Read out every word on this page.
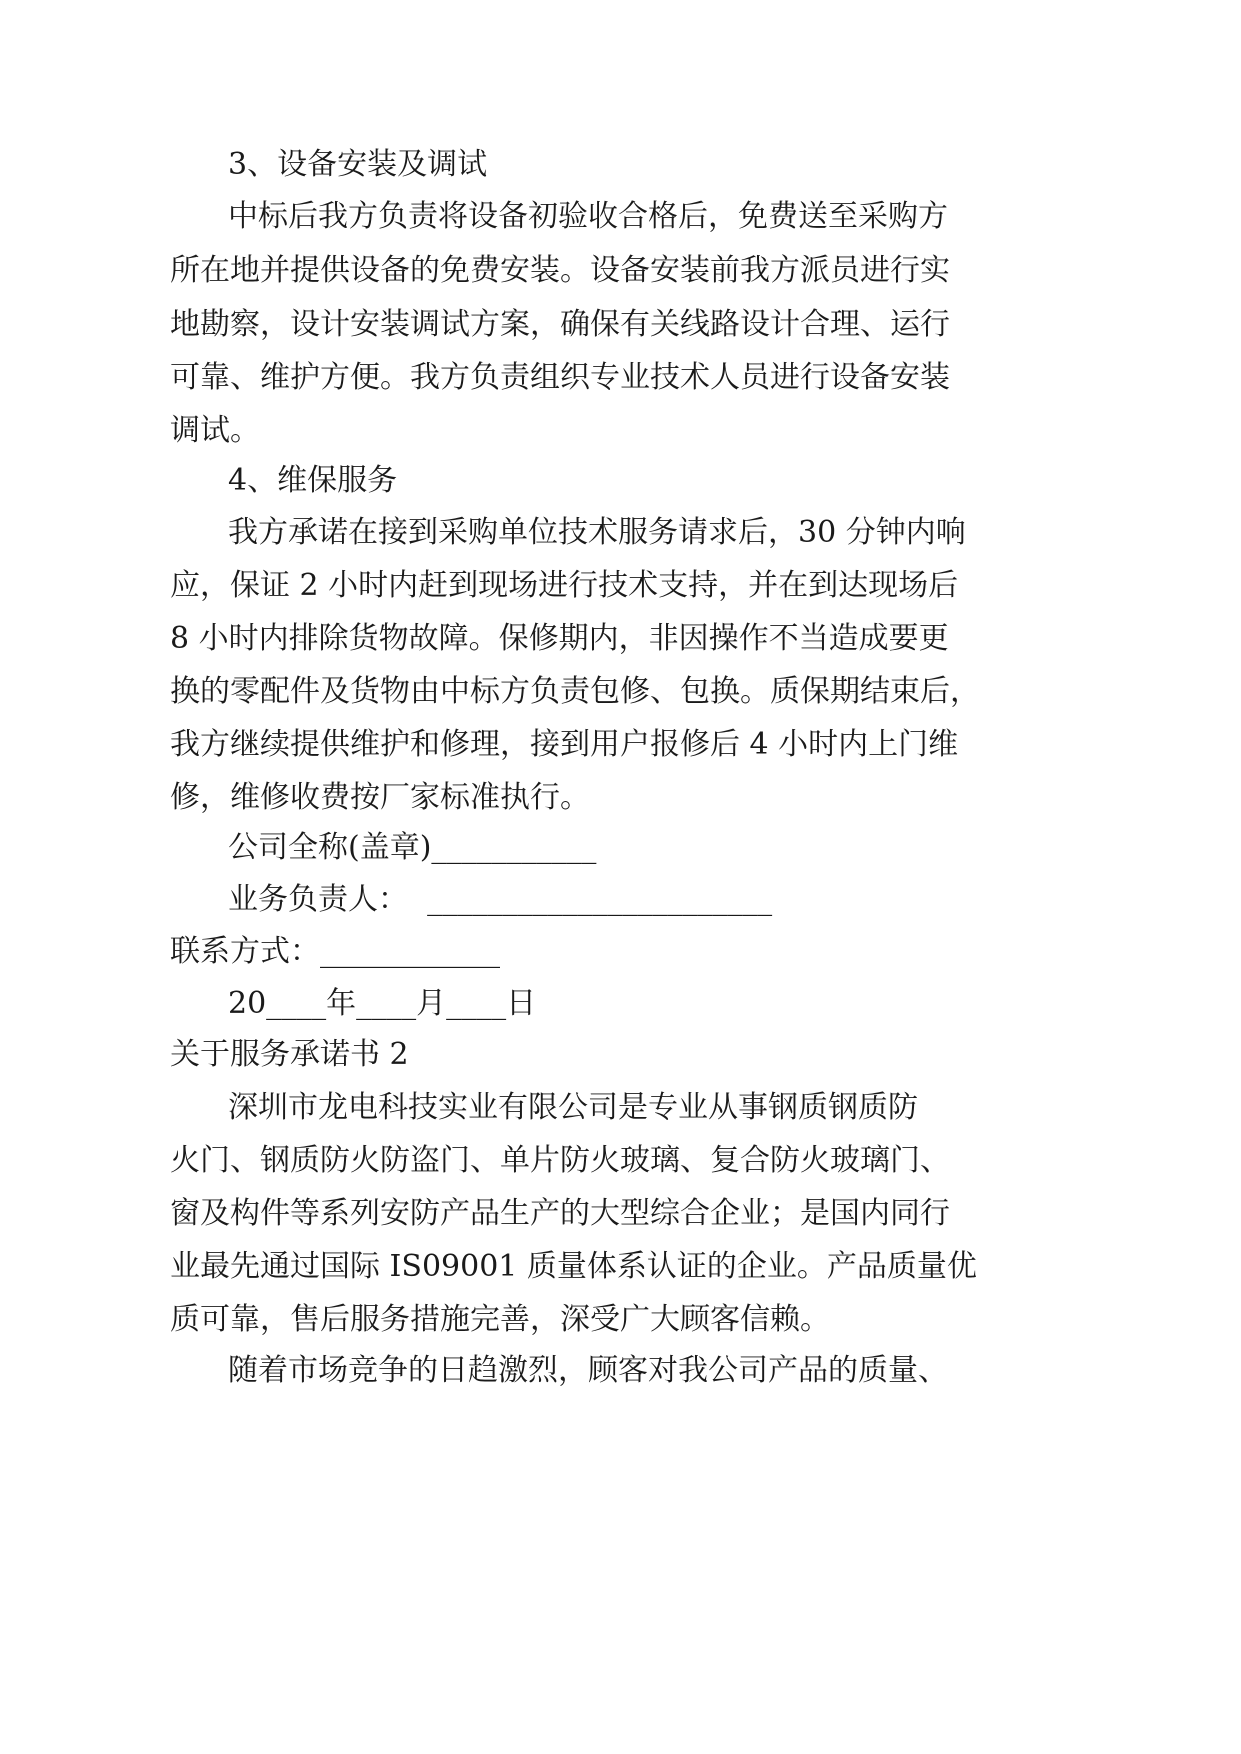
3、设备安装及调试
中标后我方负责将设备初验收合格后，免费送至采购方
所在地并提供设备的免费安装。设备安装前我方派员进行实
地勘察，设计安装调试方案，确保有关线路设计合理、运行
可靠、维护方便。我方负责组织专业技术人员进行设备安装
调试。
4、维保服务
我方承诺在接到采购单位技术服务请求后，30 分钟内响
应，保证 2 小时内赶到现场进行技术支持，并在到达现场后
8 小时内排除货物故障。保修期内，非因操作不当造成要更
换的零配件及货物由中标方负责包修、包换。质保期结束后，
我方继续提供维护和修理，接到用户报修后 4 小时内上门维
修，维修收费按厂家标准执行。
公司全称(盖章)___________
业务负责人：  _______________________
联系方式：____________
20____年____月____日
关于服务承诺书 2
深圳市龙电科技实业有限公司是专业从事钢质钢质防
火门、钢质防火防盗门、单片防火玻璃、复合防火玻璃门、
窗及构件等系列安防产品生产的大型综合企业；是国内同行
业最先通过国际 IS09001 质量体系认证的企业。产品质量优
质可靠，售后服务措施完善，深受广大顾客信赖。
随着市场竞争的日趋激烈，顾客对我公司产品的质量、
